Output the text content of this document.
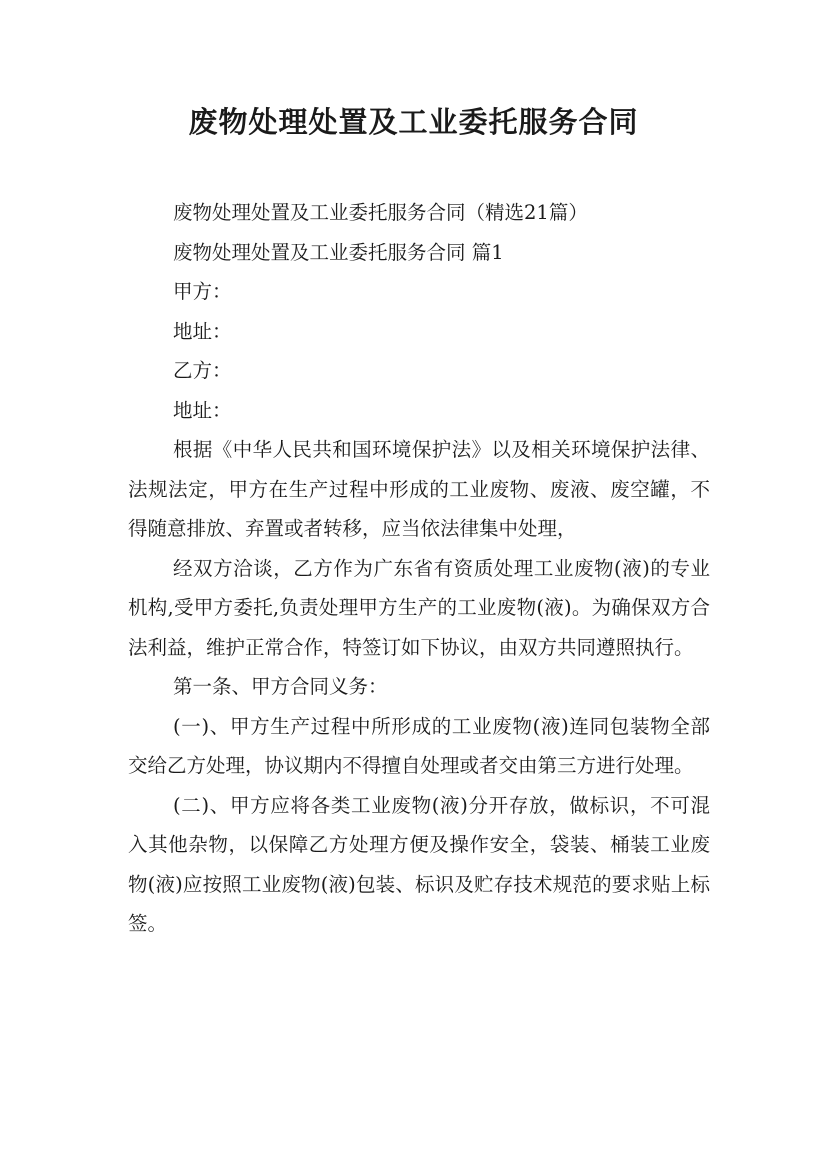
废物处理处置及工业委托服务合同

废物处理处置及工业委托服务合同（精选21篇）

废物处理处置及工业委托服务合同 篇1

甲方：

地址：

乙方：

地址：

根据《中华人民共和国环境保护法》以及相关环境保护法律、法规法定，甲方在生产过程中形成的工业废物、废液、废空罐，不得随意排放、弃置或者转移，应当依法律集中处理，

经双方洽谈，乙方作为广东省有资质处理工业废物(液)的专业机构,受甲方委托,负责处理甲方生产的工业废物(液)。为确保双方合法利益，维护正常合作，特签订如下协议，由双方共同遵照执行。

第一条、甲方合同义务：

(一)、甲方生产过程中所形成的工业废物(液)连同包装物全部交给乙方处理，协议期内不得擅自处理或者交由第三方进行处理。

(二)、甲方应将各类工业废物(液)分开存放，做标识，不可混入其他杂物，以保障乙方处理方便及操作安全，袋装、桶装工业废物(液)应按照工业废物(液)包装、标识及贮存技术规范的要求贴上标签。
